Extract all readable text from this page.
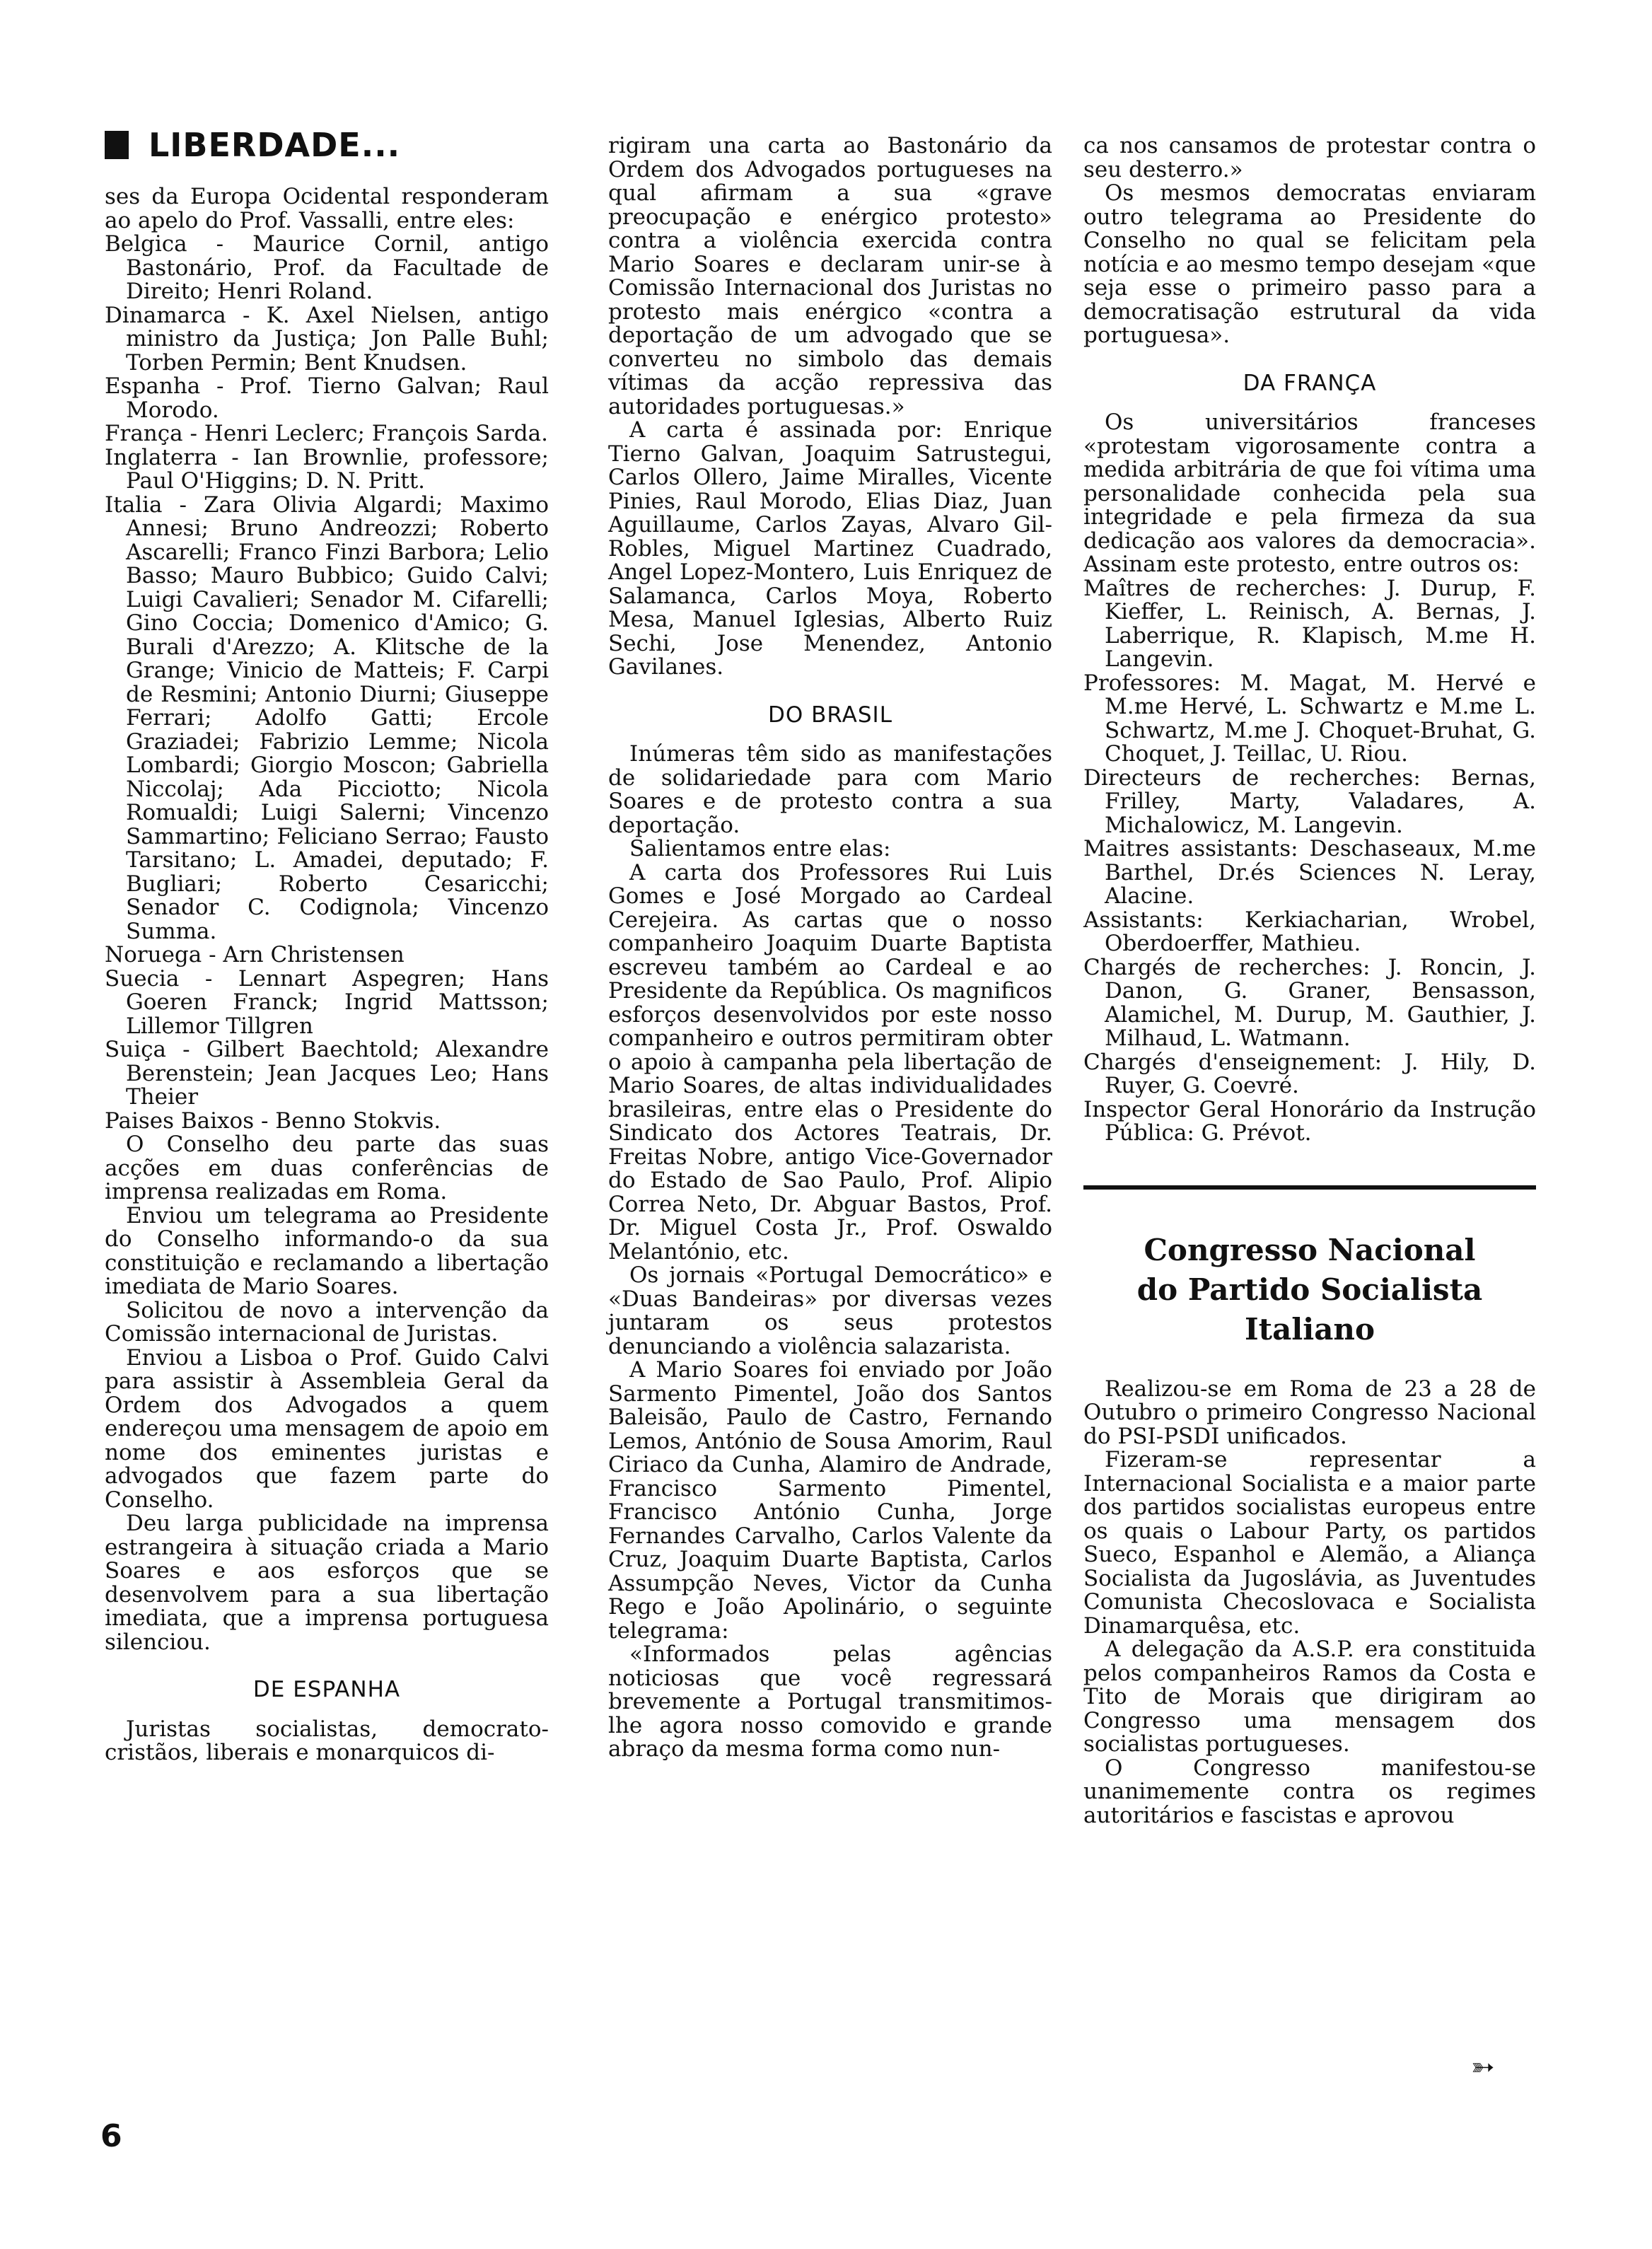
LIBERDADE...

ses da Europa Ocidental responderam ao apelo do Prof. Vassalli, entre eles:

Belgica - Maurice Cornil, antigo Bastonário, Prof. da Facultade de Direito; Henri Roland.

Dinamarca - K. Axel Nielsen, antigo ministro da Justiça; Jon Palle Buhl; Torben Permin; Bent Knudsen.

Espanha - Prof. Tierno Galvan; Raul Morodo.

França - Henri Leclerc; François Sarda.

Inglaterra - Ian Brownlie, professore; Paul O'Higgins; D. N. Pritt.

Italia - Zara Olivia Algardi; Maximo Annesi; Bruno Andreozzi; Roberto Ascarelli; Franco Finzi Barbora; Lelio Basso; Mauro Bubbico; Guido Calvi; Luigi Cavalieri; Senador M. Cifarelli; Gino Coccia; Domenico d'Amico; G. Burali d'Arezzo; A. Klitsche de la Grange; Vinicio de Matteis; F. Carpi de Resmini; Antonio Diurni; Giuseppe Ferrari; Adolfo Gatti; Ercole Graziadei; Fabrizio Lemme; Nicola Lombardi; Giorgio Moscon; Gabriella Niccolaj; Ada Picciotto; Nicola Romualdi; Luigi Salerni; Vincenzo Sammartino; Feliciano Serrao; Fausto Tarsitano; L. Amadei, deputado; F. Bugliari; Roberto Cesaricchi; Senador C. Codignola; Vincenzo Summa.

Noruega - Arn Christensen

Suecia - Lennart Aspegren; Hans Goeren Franck; Ingrid Mattsson; Lillemor Tillgren

Suiça - Gilbert Baechtold; Alexandre Berenstein; Jean Jacques Leo; Hans Theier

Paises Baixos - Benno Stokvis.

O Conselho deu parte das suas acções em duas conferências de imprensa realizadas em Roma.

Enviou um telegrama ao Presidente do Conselho informando-o da sua constituição e reclamando a libertação imediata de Mario Soares.

Solicitou de novo a intervenção da Comissão internacional de Juristas.

Enviou a Lisboa o Prof. Guido Calvi para assistir à Assembleia Geral da Ordem dos Advogados a quem endereçou uma mensagem de apoio em nome dos eminentes juristas e advogados que fazem parte do Conselho.

Deu larga publicidade na imprensa estrangeira à situação criada a Mario Soares e aos esforços que se desenvolvem para a sua libertação imediata, que a imprensa portuguesa silenciou.

DE ESPANHA

Juristas socialistas, democrato-cristãos, liberais e monarquicos di-

rigiram una carta ao Bastonário da Ordem dos Advogados portugueses na qual afirmam a sua «grave preocupação e enérgico protesto» contra a violência exercida contra Mario Soares e declaram unir-se à Comissão Internacional dos Juristas no protesto mais enérgico «contra a deportação de um advogado que se converteu no simbolo das demais vítimas da acção repressiva das autoridades portuguesas.»

A carta é assinada por: Enrique Tierno Galvan, Joaquim Satrustegui, Carlos Ollero, Jaime Miralles, Vicente Pinies, Raul Morodo, Elias Diaz, Juan Aguillaume, Carlos Zayas, Alvaro Gil-Robles, Miguel Martinez Cuadrado, Angel Lopez-Montero, Luis Enriquez de Salamanca, Carlos Moya, Roberto Mesa, Manuel Iglesias, Alberto Ruiz Sechi, Jose Menendez, Antonio Gavilanes.

DO BRASIL

Inúmeras têm sido as manifestações de solidariedade para com Mario Soares e de protesto contra a sua deportação.

Salientamos entre elas:

A carta dos Professores Rui Luis Gomes e José Morgado ao Cardeal Cerejeira. As cartas que o nosso companheiro Joaquim Duarte Baptista escreveu também ao Cardeal e ao Presidente da República. Os magnificos esforços desenvolvidos por este nosso companheiro e outros permitiram obter o apoio à campanha pela libertação de Mario Soares, de altas individualidades brasileiras, entre elas o Presidente do Sindicato dos Actores Teatrais, Dr. Freitas Nobre, antigo Vice-Governador do Estado de Sao Paulo, Prof. Alipio Correa Neto, Dr. Abguar Bastos, Prof. Dr. Miguel Costa Jr., Prof. Oswaldo Melantónio, etc.

Os jornais «Portugal Democrático» e «Duas Bandeiras» por diversas vezes juntaram os seus protestos denunciando a violência salazarista.

A Mario Soares foi enviado por João Sarmento Pimentel, João dos Santos Baleisão, Paulo de Castro, Fernando Lemos, António de Sousa Amorim, Raul Ciriaco da Cunha, Alamiro de Andrade, Francisco Sarmento Pimentel, Francisco António Cunha, Jorge Fernandes Carvalho, Carlos Valente da Cruz, Joaquim Duarte Baptista, Carlos Assumpção Neves, Victor da Cunha Rego e João Apolinário, o seguinte telegrama:

«Informados pelas agências noticiosas que você regressará brevemente a Portugal transmitimos-lhe agora nosso comovido e grande abraço da mesma forma como nun-

ca nos cansamos de protestar contra o seu desterro.»

Os mesmos democratas enviaram outro telegrama ao Presidente do Conselho no qual se felicitam pela notícia e ao mesmo tempo desejam «que seja esse o primeiro passo para a democratisação estrutural da vida portuguesa».

DA FRANÇA

Os universitários franceses «protestam vigorosamente contra a medida arbitrária de que foi vítima uma personalidade conhecida pela sua integridade e pela firmeza da sua dedicação aos valores da democracia». Assinam este protesto, entre outros os:

Maîtres de recherches: J. Durup, F. Kieffer, L. Reinisch, A. Bernas, J. Laberrique, R. Klapisch, M.me H. Langevin.

Professores: M. Magat, M. Hervé e M.me Hervé, L. Schwartz e M.me L. Schwartz, M.me J. Choquet-Bruhat, G. Choquet, J. Teillac, U. Riou.

Directeurs de recherches: Bernas, Frilley, Marty, Valadares, A. Michalowicz, M. Langevin.

Maitres assistants: Deschaseaux, M.me Barthel, Dr.és Sciences N. Leray, Alacine.

Assistants: Kerkiacharian, Wrobel, Oberdoerffer, Mathieu.

Chargés de recherches: J. Roncin, J. Danon, G. Graner, Bensasson, Alamichel, M. Durup, M. Gauthier, J. Milhaud, L. Watmann.

Chargés d'enseignement: J. Hily, D. Ruyer, G. Coevré.

Inspector Geral Honorário da Instrução Pública: G. Prévot.

Congresso Nacional
do Partido Socialista Italiano

Realizou-se em Roma de 23 a 28 de Outubro o primeiro Congresso Nacional do PSI-PSDI unificados.

Fizeram-se representar a Internacional Socialista e a maior parte dos partidos socialistas europeus entre os quais o Labour Party, os partidos Sueco, Espanhol e Alemão, a Aliança Socialista da Jugoslávia, as Juventudes Comunista Checoslovaca e Socialista Dinamarquêsa, etc.

A delegação da A.S.P. era constituida pelos companheiros Ramos da Costa e Tito de Morais que dirigiram ao Congresso uma mensagem dos socialistas portugueses.

O Congresso manifestou-se unanimemente contra os regimes autoritários e fascistas e aprovou

➳
6
